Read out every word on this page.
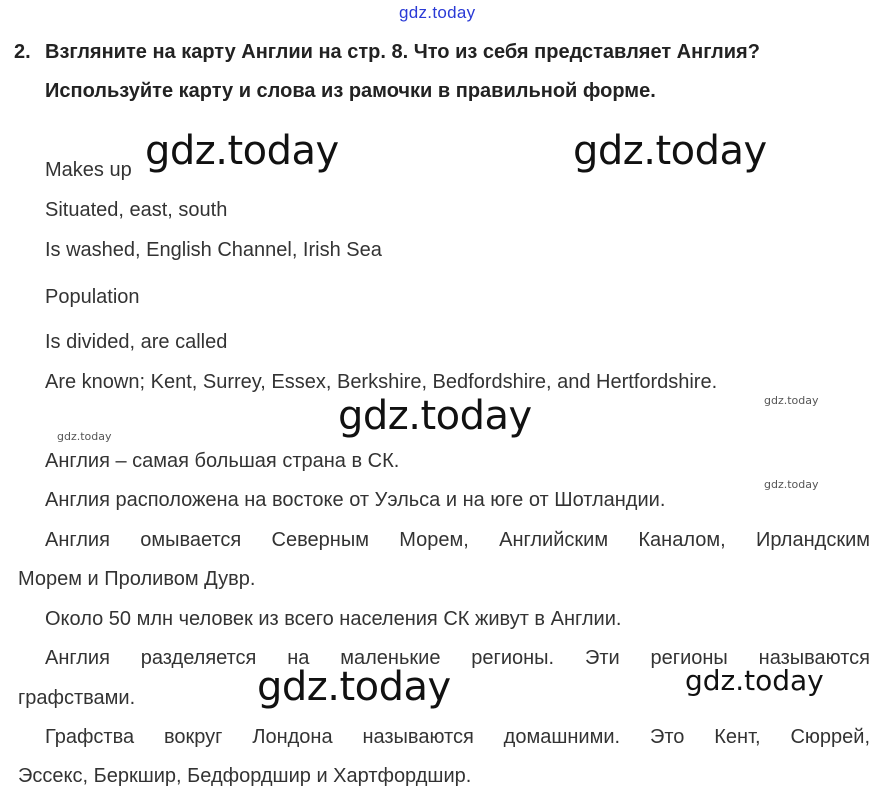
gdz.today
2. Взгляните на карту Англии на стр. 8. Что из себя представляет Англия?
Используйте карту и слова из рамочки в правильной форме.
Makes up
Situated, east, south
Is washed, English Channel, Irish Sea
Population
Is divided, are called
Are known; Kent, Surrey, Essex, Berkshire, Bedfordshire, and Hertfordshire.
Англия – самая большая страна в СК.
Англия расположена на востоке от Уэльса и на юге от Шотландии.
Англия омывается Северным Морем, Английским Каналом, Ирландским
Морем и Проливом Дувр.
Около 50 млн человек из всего населения СК живут в Англии.
Англия разделяется на маленькие регионы. Эти регионы называются
графствами.
Графства вокруг Лондона называются домашними. Это Кент, Сюррей,
Эссекс, Беркшир, Бедфордшир и Хартфордшир.
gdz.today	gdz.today
gdz.today	gdz.today
gdz.today
gdz.today
gdz.today	gdz.today
